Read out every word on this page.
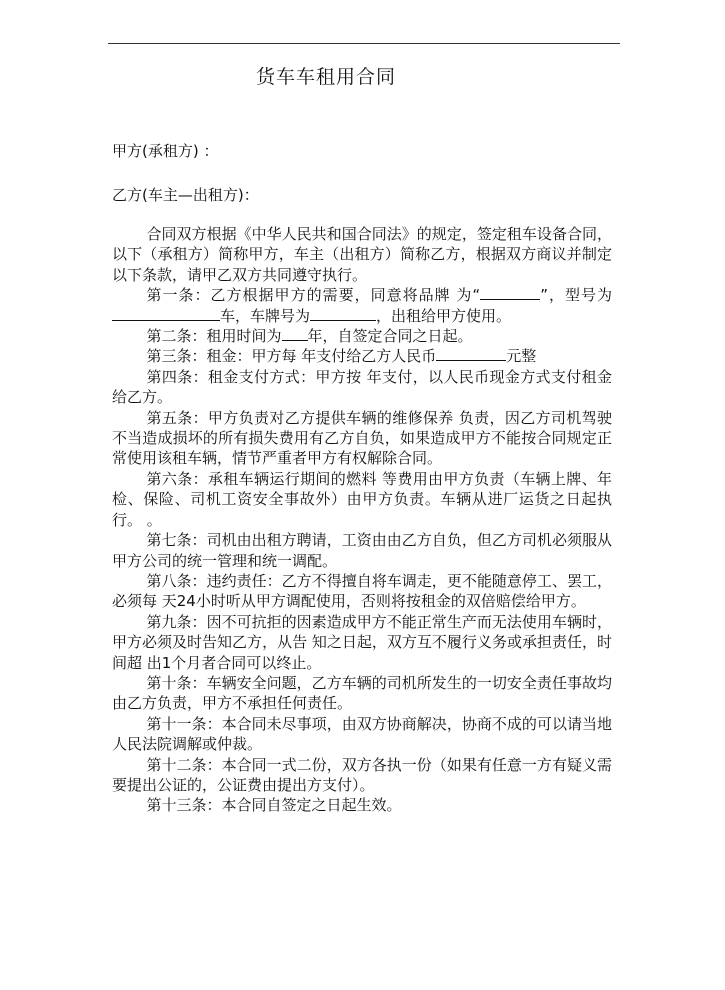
货车车租用合同
甲方(承租方) ：
乙方(车主—出租方)：

合同双方根据《中华人民共和国合同法》的规定，签定租车设备合同，以下（承租方）简称甲方，车主（出租方）简称乙方，根据双方商议并制定以下条款，请甲乙双方共同遵守执行。

第一条：乙方根据甲方的需要，同意将品牌 为“	”，型号为车，车牌号为	，出租给甲方使用。

第二条：租用时间为 年，自签定合同之日起。

第三条：租金：甲方每 年支付给乙方人民币	元整

第四条：租金支付方式：甲方按 年支付，以人民币现金方式支付租金给乙方。

第五条：甲方负责对乙方提供车辆的维修保养 负责，因乙方司机驾驶不当造成损坏的所有损失费用有乙方自负，如果造成甲方不能按合同规定正常使用该租车辆，情节严重者甲方有权解除合同。

第六条：承租车辆运行期间的燃料 等费用由甲方负责（车辆上牌、年检、保险、司机工资安全事故外）由甲方负责。车辆从进厂运货之日起执行。 。

第七条：司机由出租方聘请，工资由由乙方自负，但乙方司机必须服从甲方公司的统一管理和统一调配。

第八条：违约责任：乙方不得擅自将车调走，更不能随意停工、罢工，必须每 天24小时听从甲方调配使用，否则将按租金的双倍赔偿给甲方。

第九条：因不可抗拒的因素造成甲方不能正常生产而无法使用车辆时，甲方必须及时告知乙方，从告 知之日起，双方互不履行义务或承担责任，时间超 出1个月者合同可以终止。

第十条：车辆安全问题，乙方车辆的司机所发生的一切安全责任事故均由乙方负责，甲方不承担任何责任。

第十一条：本合同未尽事项，由双方协商解决，协商不成的可以请当地人民法院调解或仲裁。

第十二条：本合同一式二份，双方各执一份（如果有任意一方有疑义需要提出公证的，公证费由提出方支付）。

第十三条：本合同自签定之日起生效。
